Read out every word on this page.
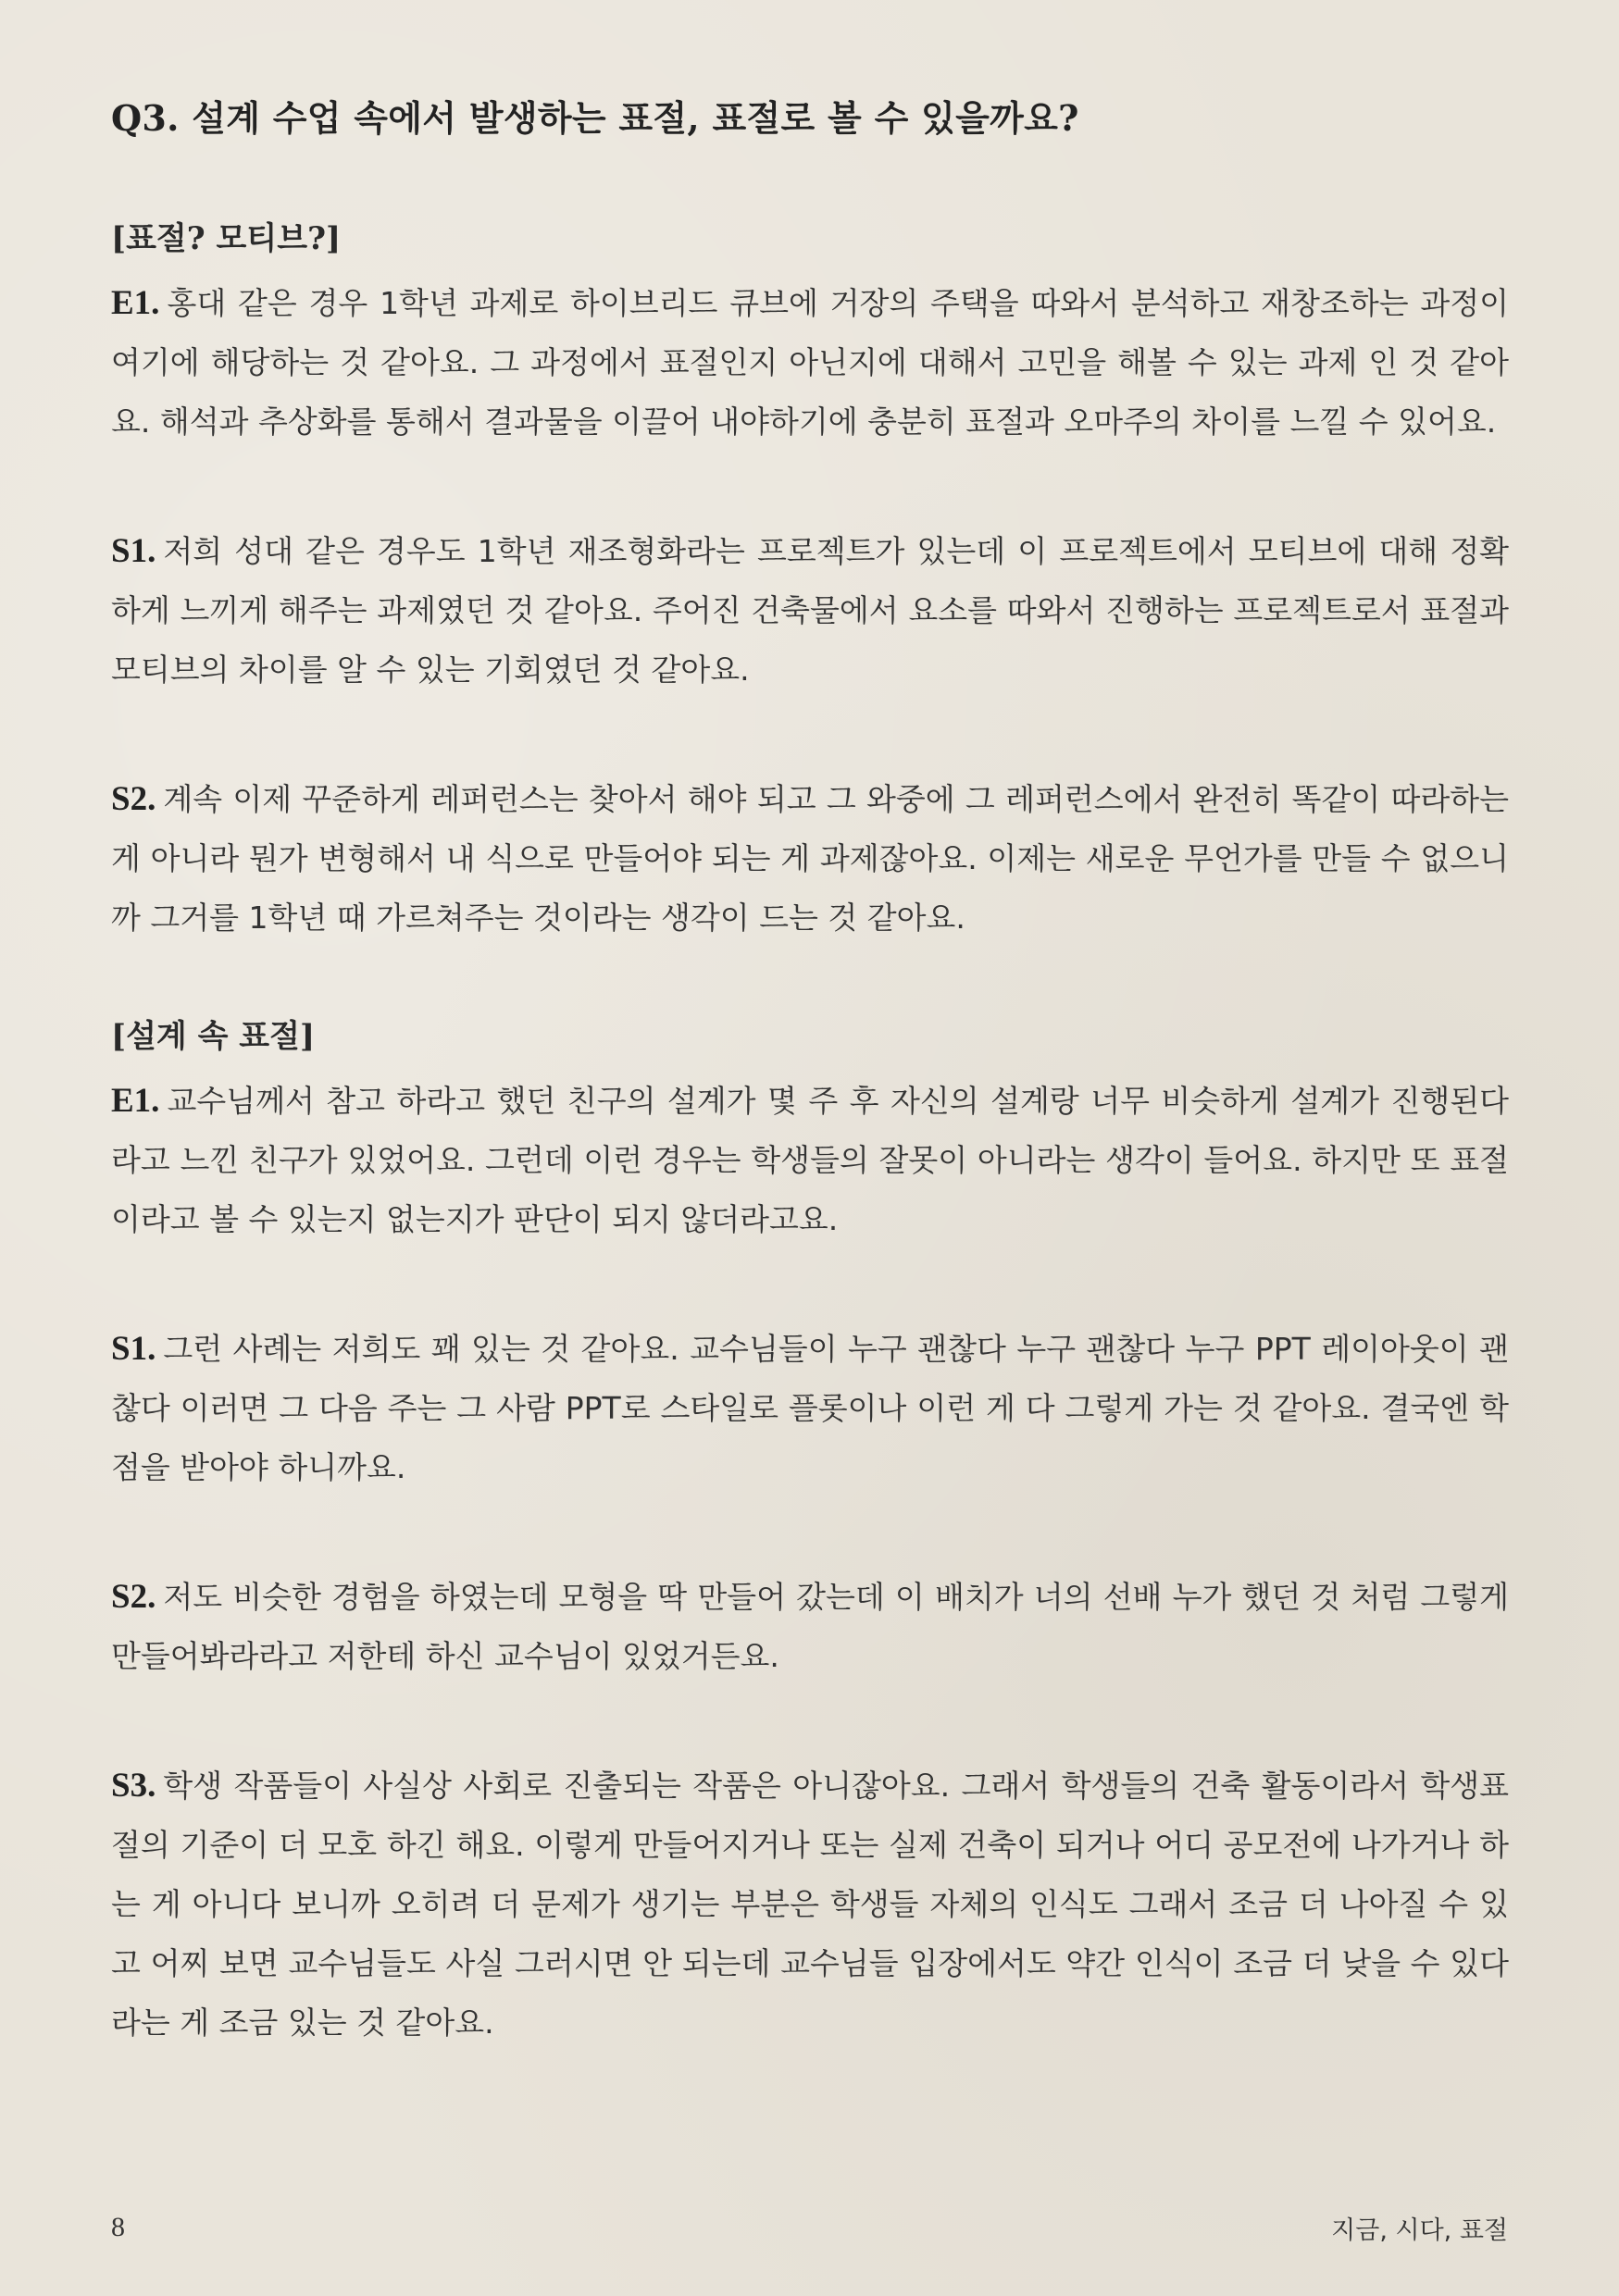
Q3. 설계 수업 속에서 발생하는 표절, 표절로 볼 수 있을까요?
[표절? 모티브?]

E1. 홍대 같은 경우 1학년 과제로 하이브리드 큐브에 거장의 주택을 따와서 분석하고 재창조하는 과정이 여기에 해당하는 것 같아요. 그 과정에서 표절인지 아닌지에 대해서 고민을 해볼 수 있는 과제 인 것 같아요. 해석과 추상화를 통해서 결과물을 이끌어 내야하기에 충분히 표절과 오마주의 차이를 느낄 수 있어요.

S1. 저희 성대 같은 경우도 1학년 재조형화라는 프로젝트가 있는데 이 프로젝트에서 모티브에 대해 정확하게 느끼게 해주는 과제였던 것 같아요. 주어진 건축물에서 요소를 따와서 진행하는 프로젝트로서 표절과 모티브의 차이를 알 수 있는 기회였던 것 같아요.

S2. 계속 이제 꾸준하게 레퍼런스는 찾아서 해야 되고 그 와중에 그 레퍼런스에서 완전히 똑같이 따라하는 게 아니라 뭔가 변형해서 내 식으로 만들어야 되는 게 과제잖아요. 이제는 새로운 무언가를 만들 수 없으니까 그거를 1학년 때 가르쳐주는 것이라는 생각이 드는 것 같아요.

[설계 속 표절]

E1. 교수님께서 참고 하라고 했던 친구의 설계가 몇 주 후 자신의 설계랑 너무 비슷하게 설계가 진행된다라고 느낀 친구가 있었어요. 그런데 이런 경우는 학생들의 잘못이 아니라는 생각이 들어요. 하지만 또 표절이라고 볼 수 있는지 없는지가 판단이 되지 않더라고요.

S1. 그런 사례는 저희도 꽤 있는 것 같아요. 교수님들이 누구 괜찮다 누구 괜찮다 누구 PPT 레이아웃이 괜찮다 이러면 그 다음 주는 그 사람 PPT로 스타일로 플롯이나 이런 게 다 그렇게 가는 것 같아요. 결국엔 학점을 받아야 하니까요.

S2. 저도 비슷한 경험을 하였는데 모형을 딱 만들어 갔는데 이 배치가 너의 선배 누가 했던 것 처럼 그렇게 만들어봐라라고 저한테 하신 교수님이 있었거든요.

S3. 학생 작품들이 사실상 사회로 진출되는 작품은 아니잖아요. 그래서 학생들의 건축 활동이라서 학생표절의 기준이 더 모호 하긴 해요. 이렇게 만들어지거나 또는 실제 건축이 되거나 어디 공모전에 나가거나 하는 게 아니다 보니까 오히려 더 문제가 생기는 부분은 학생들 자체의 인식도 그래서 조금 더 나아질 수 있고 어찌 보면 교수님들도 사실 그러시면 안 되는데 교수님들 입장에서도 약간 인식이 조금 더 낮을 수 있다라는 게 조금 있는 것 같아요.

8	지금, 시다, 표절
